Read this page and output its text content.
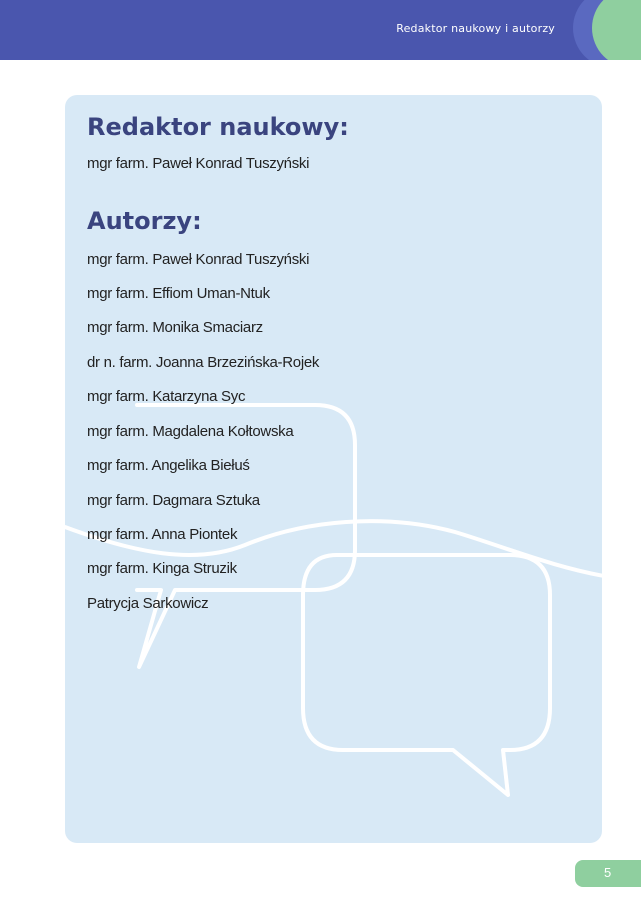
Redaktor naukowy i autorzy
Redaktor naukowy:

mgr farm. Paweł Konrad Tuszyński

Autorzy:

mgr farm. Paweł Konrad Tuszyński

mgr farm. Effiom Uman-Ntuk

mgr farm. Monika Smaciarz

dr n. farm. Joanna Brzezińska-Rojek

mgr farm. Katarzyna Syc

mgr farm. Magdalena Kołtowska

mgr farm. Angelika Biełuś

mgr farm. Dagmara Sztuka

mgr farm. Anna Piontek

mgr farm. Kinga Struzik

Patrycja Sarkowicz

5
